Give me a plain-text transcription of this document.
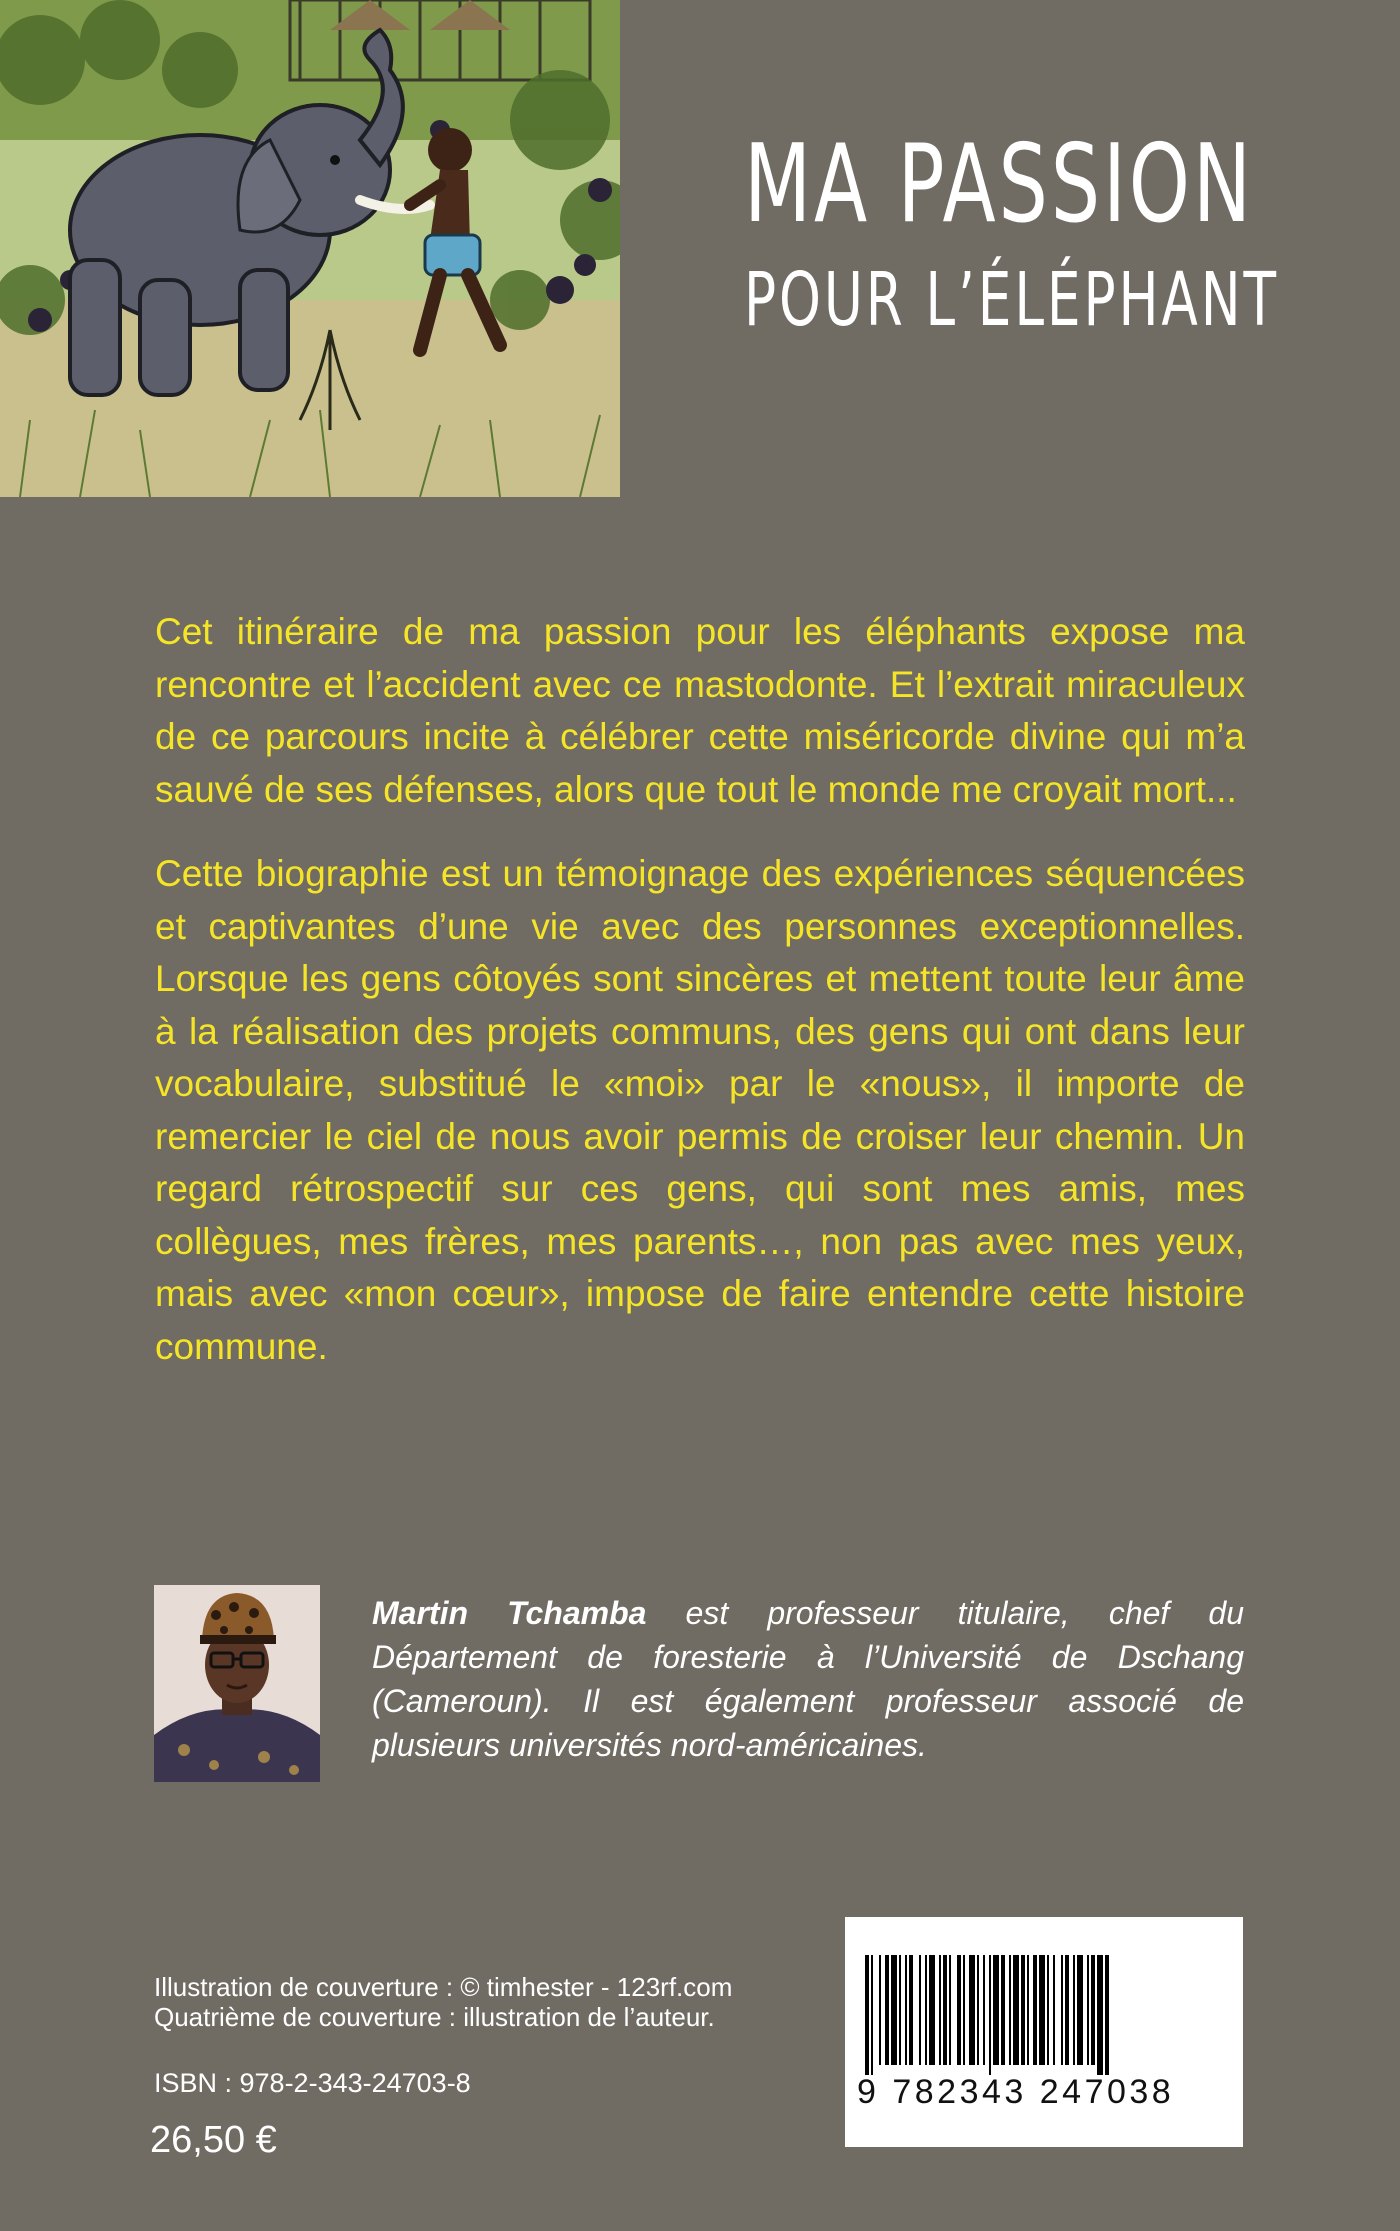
MA PASSION
POUR L’ÉLÉPHANT

Cet itinéraire de ma passion pour les éléphants expose ma rencontre et l’accident avec ce mastodonte. Et l’extrait miraculeux de ce parcours incite à célébrer cette miséricorde divine qui m’a sauvé de ses défenses, alors que tout le monde me croyait mort...

Cette biographie est un témoignage des expériences séquencées et captivantes d’une vie avec des personnes exceptionnelles. Lorsque les gens côtoyés sont sincères et mettent toute leur âme à la réalisation des projets communs, des gens qui ont dans leur vocabulaire, substitué le «moi» par le «nous», il importe de remercier le ciel de nous avoir permis de croiser leur chemin. Un regard rétrospectif sur ces gens, qui sont mes amis, mes collègues, mes frères, mes parents…, non pas avec mes yeux, mais avec «mon cœur», impose de faire entendre cette histoire commune.

Martin Tchamba est professeur titulaire, chef du Département de foresterie à l’Université de Dschang (Cameroun). Il est également professeur associé de plusieurs universités nord-américaines.
Illustration de couverture : © timhester - 123rf.com
Quatrième de couverture : illustration de l’auteur.
ISBN : 978-2-343-24703-8
26,50 €
9 782343 247038
